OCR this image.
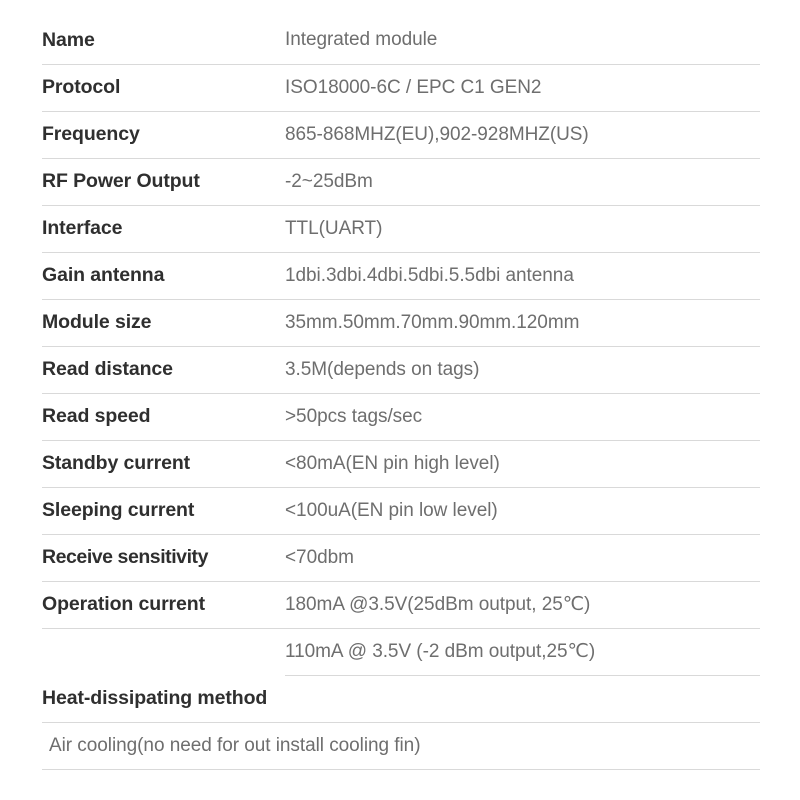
Name	Integrated module
Protocol	ISO18000-6C / EPC C1 GEN2
Frequency	865-868MHZ(EU),902-928MHZ(US)
RF Power Output	-2~25dBm
Interface	TTL(UART)
Gain antenna	1dbi.3dbi.4dbi.5dbi.5.5dbi antenna
Module size	35mm.50mm.70mm.90mm.120mm
Read distance	3.5M(depends on tags)
Read speed	>50pcs tags/sec
Standby current	<80mA(EN pin high level)
Sleeping current	<100uA(EN pin low level)
Receive sensitivity	<70dbm
Operation current	180mA @3.5V(25dBm output, 25℃)
	110mA @ 3.5V (-2 dBm output,25℃)
Heat-dissipating method	
Air cooling(no need for out install cooling fin)	
